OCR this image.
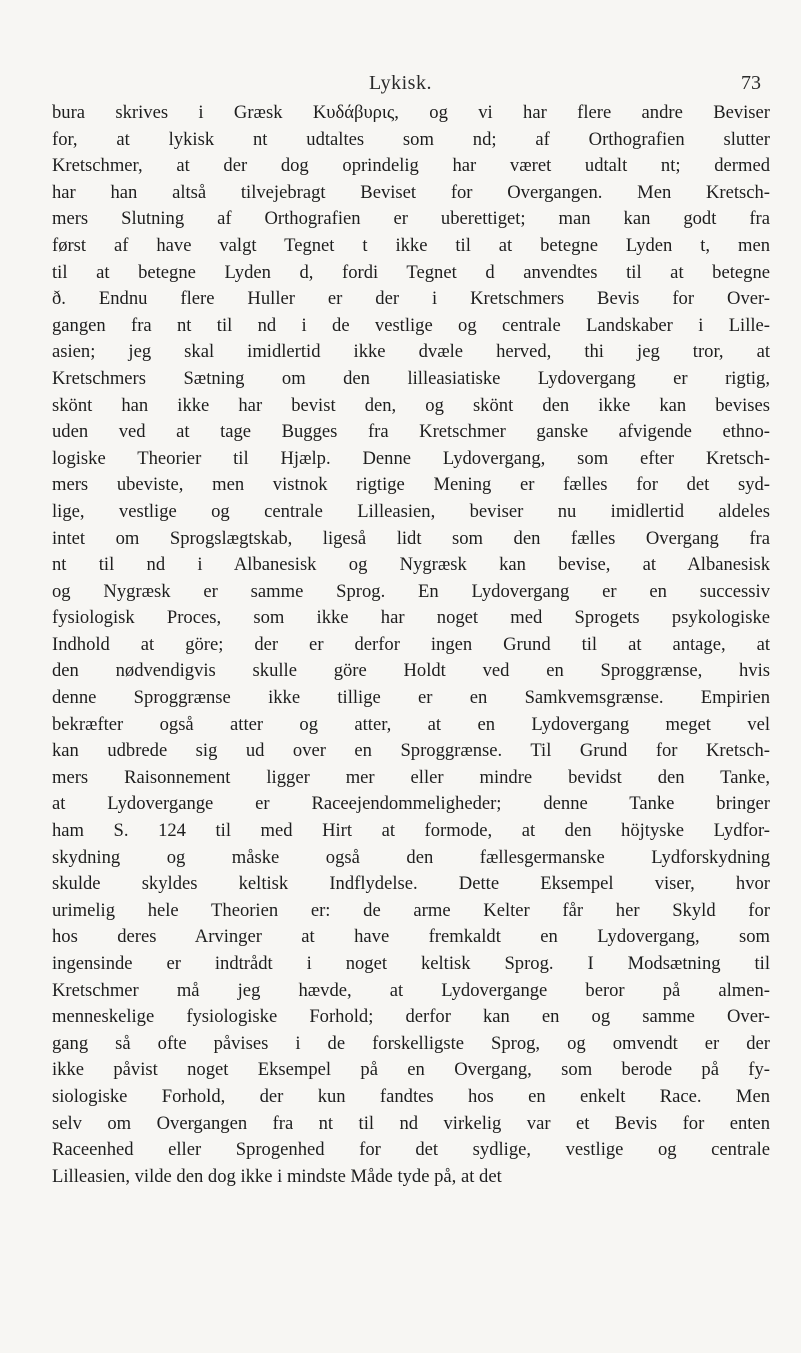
Lykisk.	73
bura skrives i Græsk Κυδάβυρις, og vi har flere andre Beviser
for, at lykisk nt udtaltes som nd; af Orthografien slutter
Kretschmer, at der dog oprindelig har været udtalt nt; dermed
har han altså tilvejebragt Beviset for Overgangen. Men Kretsch-
mers Slutning af Orthografien er uberettiget; man kan godt fra
først af have valgt Tegnet t ikke til at betegne Lyden t, men
til at betegne Lyden d, fordi Tegnet d anvendtes til at betegne
ð. Endnu flere Huller er der i Kretschmers Bevis for Over-
gangen fra nt til nd i de vestlige og centrale Landskaber i Lille-
asien; jeg skal imidlertid ikke dvæle herved, thi jeg tror, at
Kretschmers Sætning om den lilleasiatiske Lydovergang er rigtig,
skönt han ikke har bevist den, og skönt den ikke kan bevises
uden ved at tage Bugges fra Kretschmer ganske afvigende ethno-
logiske Theorier til Hjælp. Denne Lydovergang, som efter Kretsch-
mers ubeviste, men vistnok rigtige Mening er fælles for det syd-
lige, vestlige og centrale Lilleasien, beviser nu imidlertid aldeles
intet om Sprogslægtskab, ligeså lidt som den fælles Overgang fra
nt til nd i Albanesisk og Nygræsk kan bevise, at Albanesisk
og Nygræsk er samme Sprog. En Lydovergang er en successiv
fysiologisk Proces, som ikke har noget med Sprogets psykologiske
Indhold at göre; der er derfor ingen Grund til at antage, at
den nødvendigvis skulle göre Holdt ved en Sproggrænse, hvis
denne Sproggrænse ikke tillige er en Samkvemsgrænse. Empirien
bekræfter også atter og atter, at en Lydovergang meget vel
kan udbrede sig ud over en Sproggrænse. Til Grund for Kretsch-
mers Raisonnement ligger mer eller mindre bevidst den Tanke,
at Lydovergange er Raceejendommeligheder; denne Tanke bringer
ham S. 124 til med Hirt at formode, at den höjtyske Lydfor-
skydning og måske også den fællesgermanske Lydforskydning
skulde skyldes keltisk Indflydelse. Dette Eksempel viser, hvor
urimelig hele Theorien er: de arme Kelter får her Skyld for
hos deres Arvinger at have fremkaldt en Lydovergang, som
ingensinde er indtrådt i noget keltisk Sprog. I Modsætning til
Kretschmer må jeg hævde, at Lydovergange beror på almen-
menneskelige fysiologiske Forhold; derfor kan en og samme Over-
gang så ofte påvises i de forskelligste Sprog, og omvendt er der
ikke påvist noget Eksempel på en Overgang, som berode på fy-
siologiske Forhold, der kun fandtes hos en enkelt Race. Men
selv om Overgangen fra nt til nd virkelig var et Bevis for enten
Raceenhed eller Sprogenhed for det sydlige, vestlige og centrale
Lilleasien, vilde den dog ikke i mindste Måde tyde på, at det
